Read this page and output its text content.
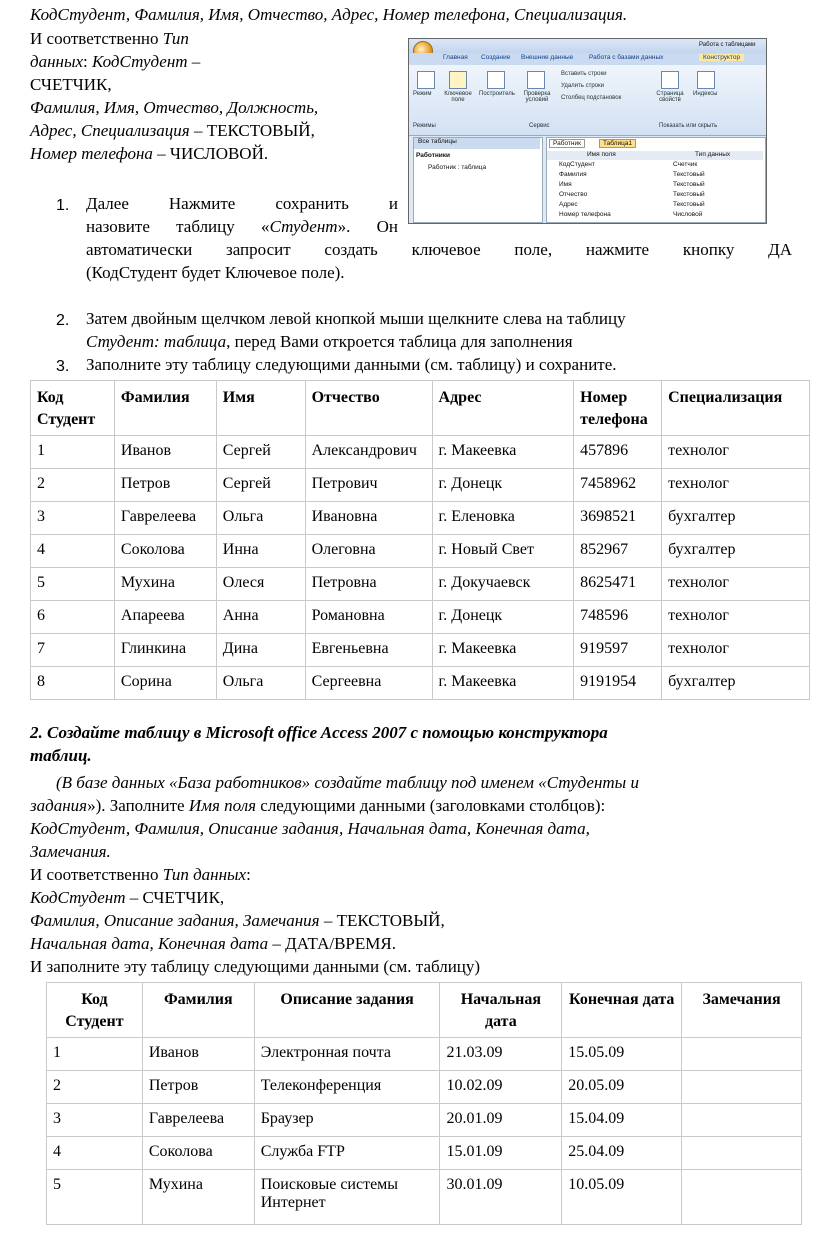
КодСтудент, Фамилия, Имя, Отчество, Адрес, Номер телефона, Специализация.
И соответственно Тип
данных: КодСтудент –
СЧЕТЧИК,
Фамилия, Имя, Отчество, Должность,
Адрес, Специализация – ТЕКСТОВЫЙ,
Номер телефона – ЧИСЛОВОЙ.
Работа с таблицами
Главная Создание Внешние данные Работа с базами данных	Конструктор
Режим	Ключевое поле
Построитель	Проверка условий
Вставить строки
Удалить строки
Столбец подстановок
Страница свойств
Индексы
Режимы	Сервис	Показать или скрыть
Все таблицы
Работники
Работник : таблица
Работник	Таблица1
Имя поля	Тип данных
КодСтудент	Счетчик
Фамилия	Текстовый
Имя	Текстовый
Отчество	Текстовый
Адрес	Текстовый
Номер телефона	Числовой
1. Далее Нажмите сохранить и
назовите таблицу «Студент». Он
автоматически запросит создать ключевое поле, нажмите кнопку ДА
(КодСтудент будет Ключевое поле).
2. Затем двойным щелчком левой кнопкой мыши щелкните слева на таблицу
Студент: таблица, перед Вами откроется таблица для заполнения
3. Заполните эту таблицу следующими данными (см. таблицу) и сохраните.
Код Студент	Фамилия	Имя	Отчество	Адрес	Номер телефона	Специализация
1	Иванов	Сергей	Александрович	г. Макеевка	457896	технолог
2	Петров	Сергей	Петрович	г. Донецк	7458962	технолог
3	Гаврелеева	Ольга	Ивановна	г. Еленовка	3698521	бухгалтер
4	Соколова	Инна	Олеговна	г. Новый Свет	852967	бухгалтер
5	Мухина	Олеся	Петровна	г. Докучаевск	8625471	технолог
6	Апареева	Анна	Романовна	г. Донецк	748596	технолог
7	Глинкина	Дина	Евгеньевна	г. Макеевка	919597	технолог
8	Сорина	Ольга	Сергеевна	г. Макеевка	9191954	бухгалтер
2. Создайте таблицу в Microsoft office Access 2007 с помощью конструктора
таблиц.
(В базе данных «База работников» создайте таблицу под именем «Студенты и
задания»). Заполните Имя поля следующими данными (заголовками столбцов):
КодСтудент, Фамилия, Описание задания, Начальная дата, Конечная дата,
Замечания.
И соответственно Тип данных:
КодСтудент – СЧЕТЧИК,
Фамилия, Описание задания, Замечания – ТЕКСТОВЫЙ,
Начальная дата, Конечная дата – ДАТА/ВРЕМЯ.
И заполните эту таблицу следующими данными (см. таблицу)
Код Студент	Фамилия	Описание задания	Начальная дата	Конечная дата	Замечания
1	Иванов	Электронная почта	21.03.09	15.05.09	
2	Петров	Телеконференция	10.02.09	20.05.09	
3	Гаврелеева	Браузер	20.01.09	15.04.09	
4	Соколова	Служба FTP	15.01.09	25.04.09	
5	Мухина	Поисковые системы Интернет	30.01.09	10.05.09	
